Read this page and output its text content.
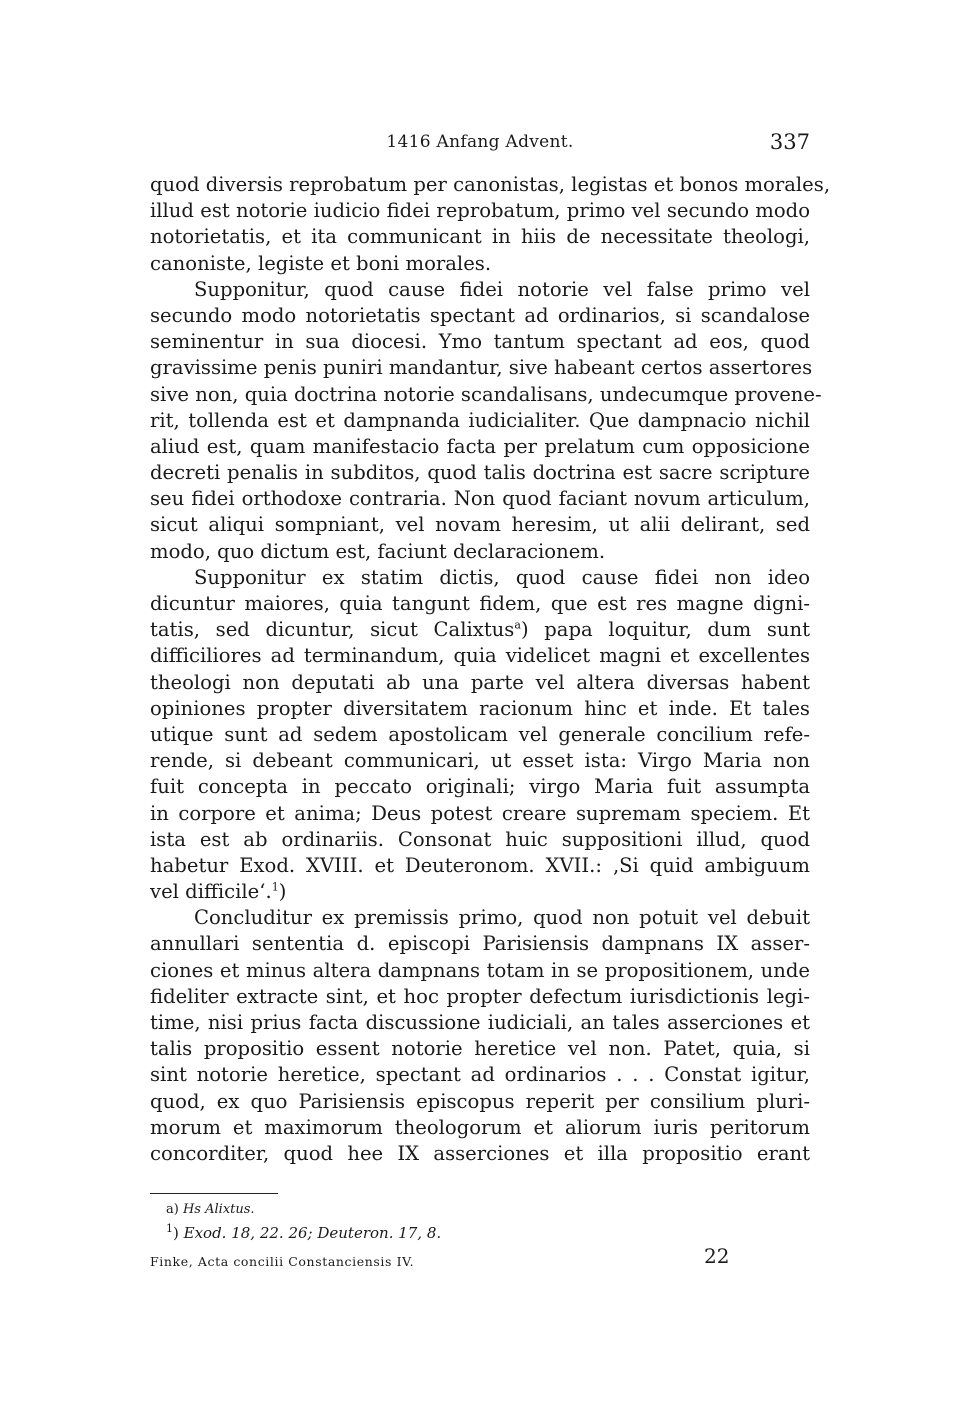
1416 Anfang Advent.	337
quod diversis reprobatum per canonistas, legistas et bonos morales,
illud est notorie iudicio fidei reprobatum, primo vel secundo modo
notorietatis, et ita communicant in hiis de necessitate theologi,
canoniste, legiste et boni morales.
Supponitur, quod cause fidei notorie vel false primo vel
secundo modo notorietatis spectant ad ordinarios, si scandalose
seminentur in sua diocesi. Ymo tantum spectant ad eos, quod
gravissime penis puniri mandantur, sive habeant certos assertores
sive non, quia doctrina notorie scandalisans, undecumque provene-
rit, tollenda est et dampnanda iudicialiter. Que dampnacio nichil
aliud est, quam manifestacio facta per prelatum cum opposicione
decreti penalis in subditos, quod talis doctrina est sacre scripture
seu fidei orthodoxe contraria. Non quod faciant novum articulum,
sicut aliqui sompniant, vel novam heresim, ut alii delirant, sed
modo, quo dictum est, faciunt declaracionem.
Supponitur ex statim dictis, quod cause fidei non ideo
dicuntur maiores, quia tangunt fidem, que est res magne digni-
tatis, sed dicuntur, sicut Calixtus$^a$) papa loquitur, dum sunt
difficiliores ad terminandum, quia videlicet magni et excellentes
theologi non deputati ab una parte vel altera diversas habent
opiniones propter diversitatem racionum hinc et inde. Et tales
utique sunt ad sedem apostolicam vel generale concilium refe-
rende, si debeant communicari, ut esset ista: Virgo Maria non
fuit concepta in peccato originali; virgo Maria fuit assumpta
in corpore et anima; Deus potest creare supremam speciem. Et
ista est ab ordinariis. Consonat huic suppositioni illud, quod
habetur Exod. XVIII. et Deuteronom. XVII.: ‚Si quid ambiguum
vel difficile‘.$^1$)
Concluditur ex premissis primo, quod non potuit vel debuit
annullari sententia d. episcopi Parisiensis dampnans IX asser-
ciones et minus altera dampnans totam in se propositionem, unde
fideliter extracte sint, et hoc propter defectum iurisdictionis legi-
time, nisi prius facta discussione iudiciali, an tales asserciones et
talis propositio essent notorie heretice vel non. Patet, quia, si
sint notorie heretice, spectant ad ordinarios . . . Constat igitur,
quod, ex quo Parisiensis episcopus reperit per consilium pluri-
morum et maximorum theologorum et aliorum iuris peritorum
concorditer, quod hee IX asserciones et illa propositio erant
a) Hs Alixtus.
$^1$) Exod. 18, 22. 26; Deuteron. 17, 8.
Finke, Acta concilii Constanciensis IV.	22
